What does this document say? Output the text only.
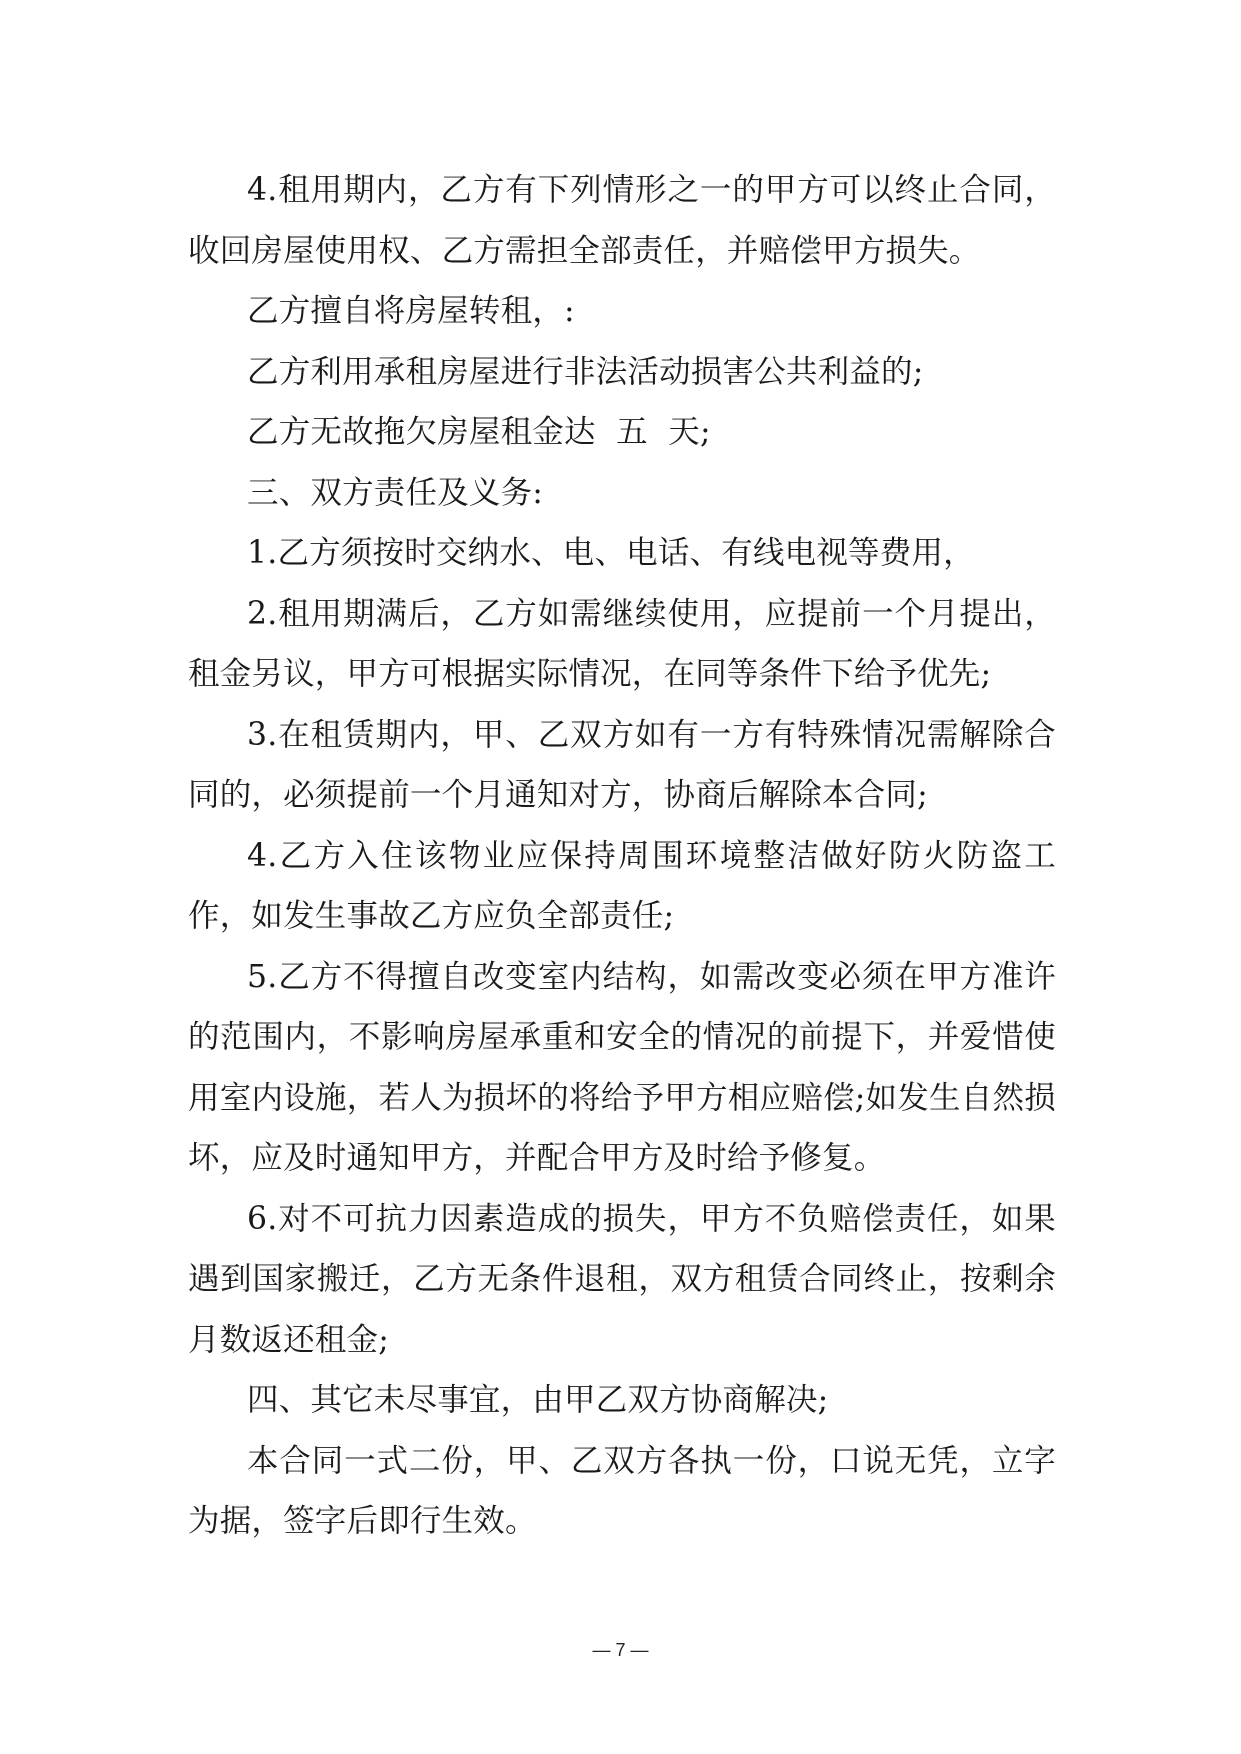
4.租用期内，乙方有下列情形之一的甲方可以终止合同，收回房屋使用权、乙方需担全部责任，并赔偿甲方损失。

乙方擅自将房屋转租，:

乙方利用承租房屋进行非法活动损害公共利益的;

乙方无故拖欠房屋租金达  五  天;

三、双方责任及义务:

1.乙方须按时交纳水、电、电话、有线电视等费用，

2.租用期满后，乙方如需继续使用，应提前一个月提出，租金另议，甲方可根据实际情况，在同等条件下给予优先;

3.在租赁期内，甲、乙双方如有一方有特殊情况需解除合同的，必须提前一个月通知对方，协商后解除本合同;

4.乙方入住该物业应保持周围环境整洁做好防火防盗工作，如发生事故乙方应负全部责任;

5.乙方不得擅自改变室内结构，如需改变必须在甲方准许的范围内，不影响房屋承重和安全的情况的前提下，并爱惜使用室内设施，若人为损坏的将给予甲方相应赔偿;如发生自然损坏，应及时通知甲方，并配合甲方及时给予修复。

6.对不可抗力因素造成的损失，甲方不负赔偿责任，如果遇到国家搬迁，乙方无条件退租，双方租赁合同终止，按剩余月数返还租金;

四、其它未尽事宜，由甲乙双方协商解决;

本合同一式二份，甲、乙双方各执一份，口说无凭，立字为据，签字后即行生效。

— 7 —
